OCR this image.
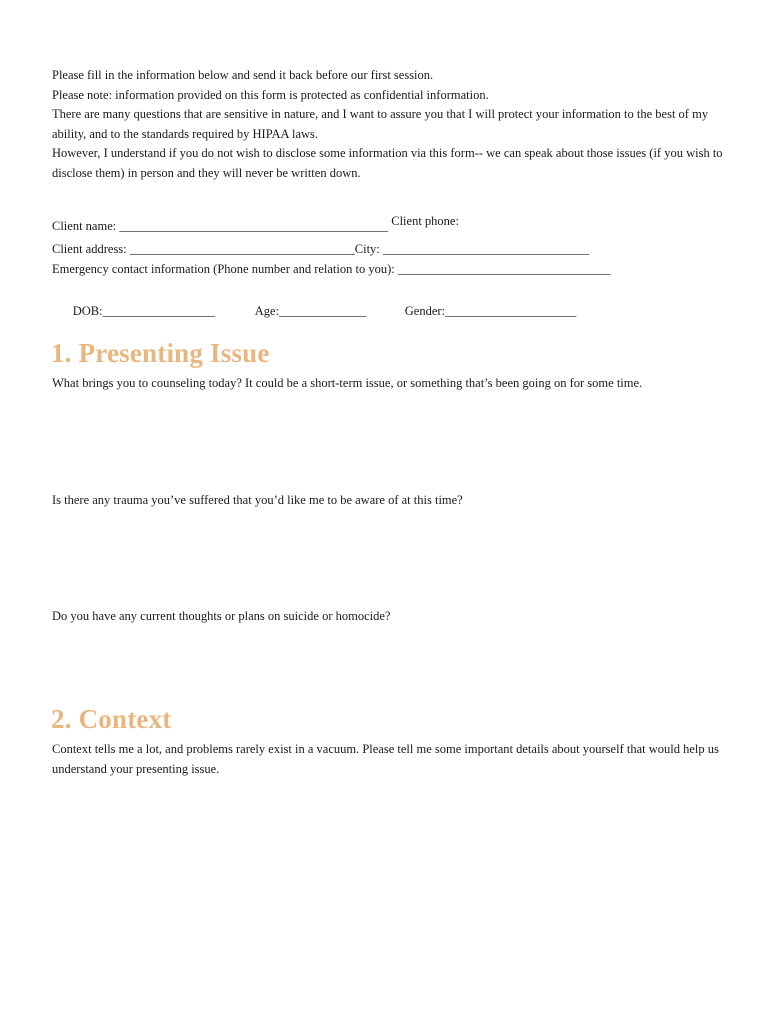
Please fill in the information below and send it back before our first session.

Please note: information provided on this form is protected as confidential information.

There are many questions that are sensitive in nature, and I want to assure you that I will protect your information to the best of my ability, and to the standards required by HIPAA laws.

However, I understand if you do not wish to disclose some information via this form-- we can speak about those issues (if you wish to disclose them) in person and they will never be written down.

Client name: ___________________________________________ Client phone:
Client address: ____________________________________City: _________________________________
Emergency contact information (Phone number and relation to you): __________________________________

DOB:__________________	Age:______________	Gender:_____________________

1. Presenting Issue

What brings you to counseling today? It could be a short-term issue, or something that’s been going on for some time.

Is there any trauma you’ve suffered that you’d like me to be aware of at this time?

Do you have any current thoughts or plans on suicide or homocide?

2. Context

Context tells me a lot, and problems rarely exist in a vacuum. Please tell me some important details about yourself that would help us understand your presenting issue.
